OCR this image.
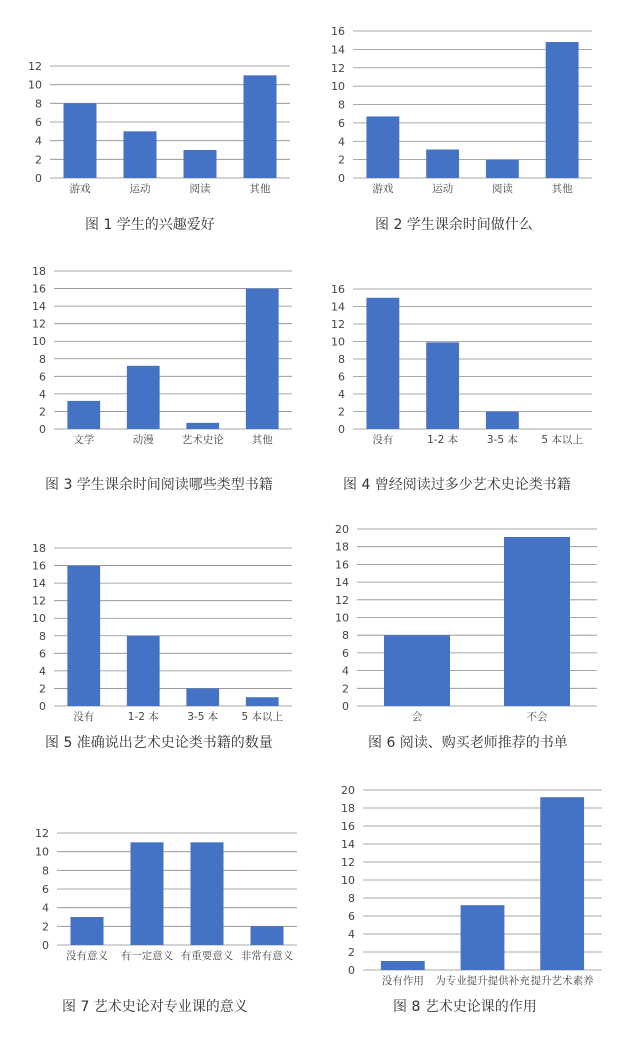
0
2
4
6
8
10
12
游戏	运动	阅读	其他
图 1 学生的兴趣爱好
0
2
4
6
8
10
12
14
16
游戏	运动	阅读	其他
图 2 学生课余时间做什么
0
2
4
6
8
10
12
14
16
18
文学	动漫	艺术史论	其他
图 3 学生课余时间阅读哪些类型书籍
0
2
4
6
8
10
12
14
16
没有	1-2 本	3-5 本 5 本以上
图 4 曾经阅读过多少艺术史论类书籍
0
2
4
6
8
10
12
14
16
18
没有	1-2 本	3-5 本 5 本以上
图 5 准确说出艺术史论类书籍的数量
0
2
4
6
8
10
12
14
16
18
20
会	不会
图 6 阅读、购买老师推荐的书单
0
2
4
6
8
10
12
没有意义 有一定意义 有重要意义 非常有意义
图 7 艺术史论对专业课的意义
0
2
4
6
8
10
12
14
16
18
20
没有作用 为专业提升提供补充 提升艺术素养
图 8 艺术史论课的作用
